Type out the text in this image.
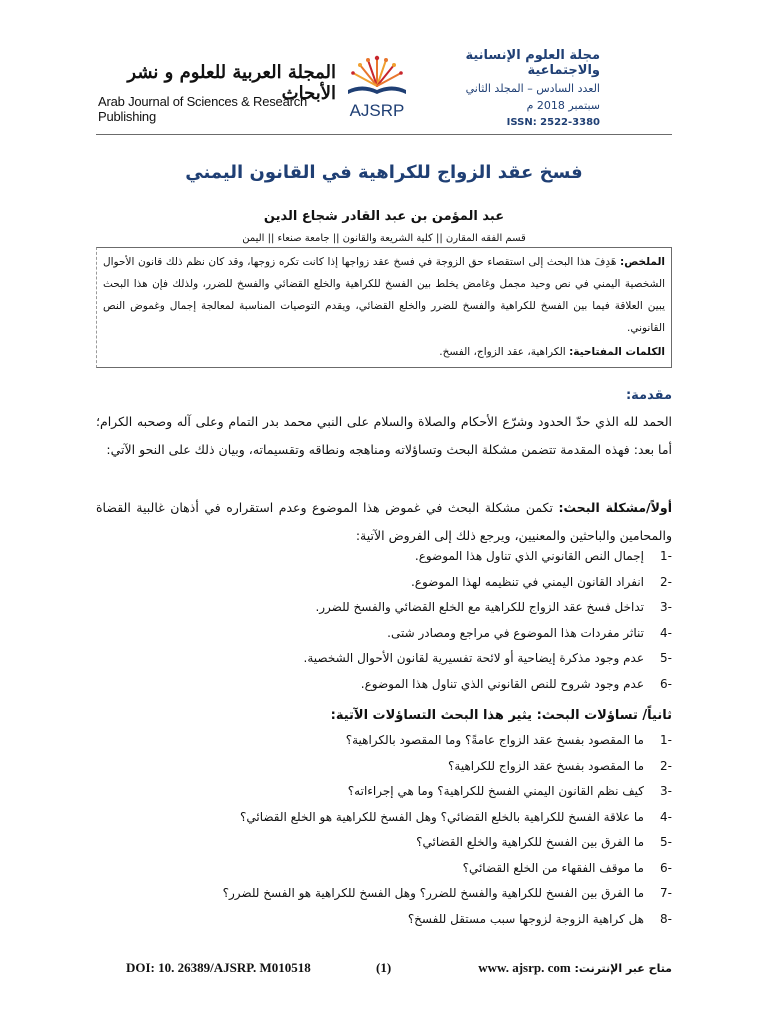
مجلة العلوم الإنسانية والاجتماعية
العدد السادس – المجلد الثاني
سبتمبر 2018 م
ISSN: 2522-3380
AJSRP
المجلة العربية للعلوم و نشر الأبحاث
Arab Journal of Sciences & Research Publishing
فسخ عقد الزواج للكراهية في القانون اليمني
عبد المؤمن بن عبد القادر شجاع الدين
قسم الفقه المقارن || كلية الشريعة والقانون || جامعة صنعاء || اليمن
الملخص: هَدِفَ هذا البحث إلى استقصاء حق الزوجة في فسخ عقد زواجها إذا كانت تكره زوجها، وقد كان نظم ذلك قانون الأحوال الشخصية اليمني في نص وحيد مجمل وغامض يخلط بين الفسخ للكراهية والخلع القضائي والفسخ للضرر، ولذلك فإن هذا البحث يبين العلاقة فيما بين الفسخ للكراهية والفسخ للضرر والخلع القضائي، ويقدم التوصيات المناسبة لمعالجة إجمال وغموض النص القانوني.
الكلمات المفتاحية: الكراهية، عقد الزواج، الفسخ.
مقدمة:
الحمد لله الذي حدّ الحدود وشرّع الأحكام والصلاة والسلام على النبي محمد بدر التمام وعلى آله وصحبه الكرام؛ أما بعد: فهذه المقدمة تتضمن مشكلة البحث وتساؤلاته ومناهجه ونطاقه وتقسيماته، وبيان ذلك على النحو الآتي:
أولاً/مشكلة البحث: تكمن مشكلة البحث في غموض هذا الموضوع وعدم استقراره في أذهان غالبية القضاة والمحامين والباحثين والمعنيين، ويرجع ذلك إلى الفروض الآتية:
-1إجمال النص القانوني الذي تناول هذا الموضوع.
-2انفراد القانون اليمني في تنظيمه لهذا الموضوع.
-3تداخل فسخ عقد الزواج للكراهية مع الخلع القضائي والفسخ للضرر.
-4تناثر مفردات هذا الموضوع في مراجع ومصادر شتى.
-5عدم وجود مذكرة إيضاحية أو لائحة تفسيرية لقانون الأحوال الشخصية.
-6عدم وجود شروح للنص القانوني الذي تناول هذا الموضوع.
ثانياً/ تساؤلات البحث: يثير هذا البحث التساؤلات الآتية:
-1ما المقصود بفسخ عقد الزواج عامةً؟ وما المقصود بالكراهية؟
-2ما المقصود بفسخ عقد الزواج للكراهية؟
-3كيف نظم القانون اليمني الفسخ للكراهية؟ وما هي إجراءاته؟
-4ما علاقة الفسخ للكراهية بالخلع القضائي؟ وهل الفسخ للكراهية هو الخلع القضائي؟
-5ما الفرق بين الفسخ للكراهية والخلع القضائي؟
-6ما موقف الفقهاء من الخلع القضائي؟
-7ما الفرق بين الفسخ للكراهية والفسخ للضرر؟ وهل الفسخ للكراهية هو الفسخ للضرر؟
-8هل كراهية الزوجة لزوجها سبب مستقل للفسخ؟
DOI: 10. 26389/AJSRP. M010518	(1)	متاح عبر الإنترنت: www. ajsrp. com
